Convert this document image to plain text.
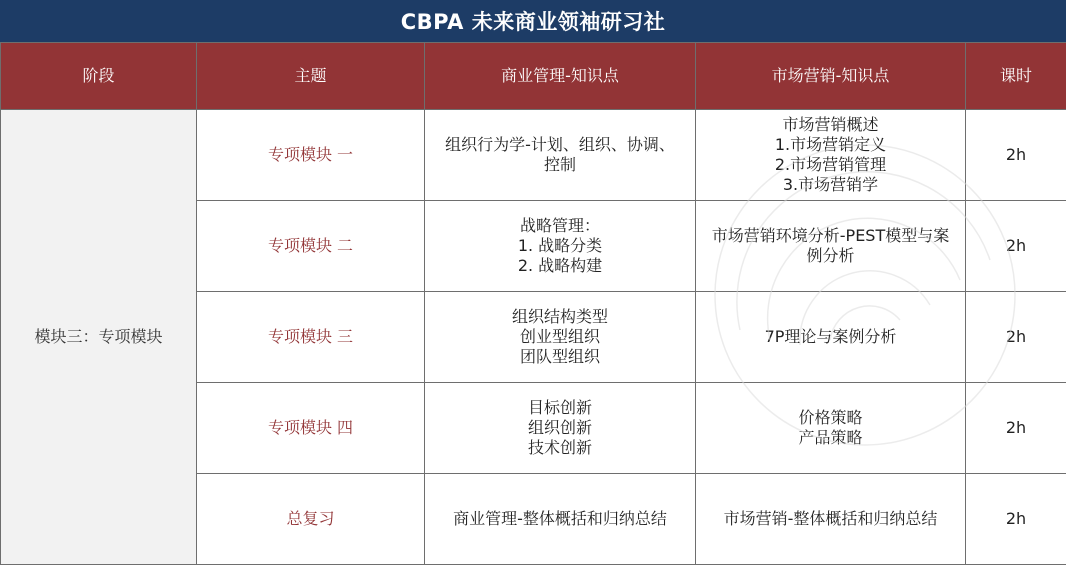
CBPA 未来商业领袖研习社
阶段	主题	商业管理-知识点	市场营销-知识点	课时
模块三：专项模块	专项模块 一	组织行为学-计划、组织、协调、
控制	市场营销概述
1.市场营销定义
2.市场营销管理
3.市场营销学	2h
	专项模块 二	战略管理：
1. 战略分类
2. 战略构建	市场营销环境分析-PEST模型与案
例分析	2h
	专项模块 三	组织结构类型
创业型组织
团队型组织	7P理论与案例分析	2h
	专项模块 四	目标创新
组织创新
技术创新	价格策略
产品策略	2h
	总复习	商业管理-整体概括和归纳总结	市场营销-整体概括和归纳总结	2h
